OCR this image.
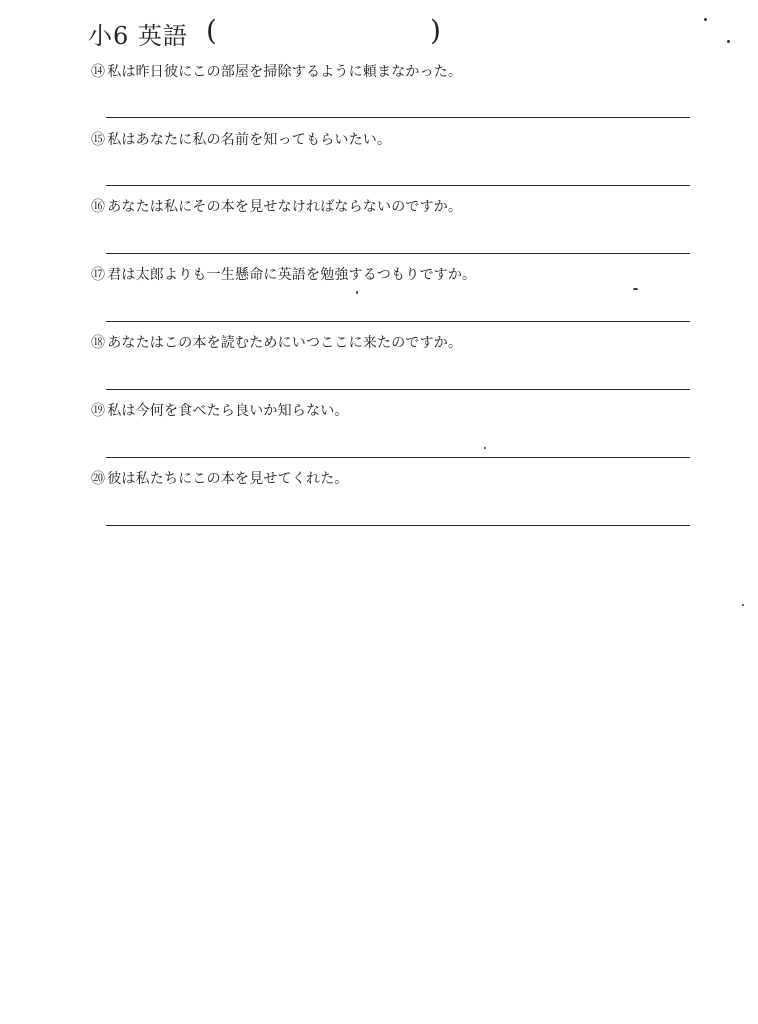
小6 英語 (	)
⑭ 私は昨日彼にこの部屋を掃除するように頼まなかった。
⑮ 私はあなたに私の名前を知ってもらいたい。
⑯ あなたは私にその本を見せなければならないのですか。
⑰ 君は太郎よりも一生懸命に英語を勉強するつもりですか。
⑱ あなたはこの本を読むためにいつここに来たのですか。
⑲ 私は今何を食べたら良いか知らない。
⑳ 彼は私たちにこの本を見せてくれた。
